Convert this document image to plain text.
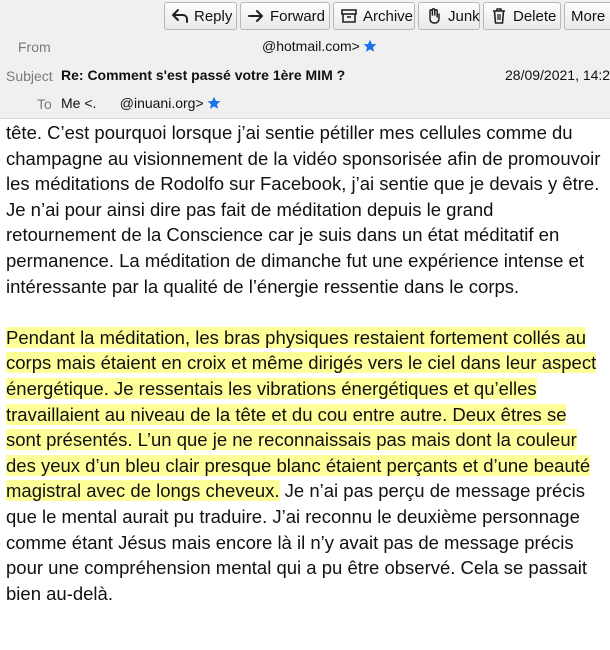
Reply	Forward	Archive Junk Delete More
From	@hotmail.com>
Subject Re: Comment s'est passé votre 1ère MIM ?	28/09/2021, 14:2
To Me <.      @inuani.org>

tête. C’est pourquoi lorsque j’ai sentie pétiller mes cellules comme du champagne au visionnement de la vidéo sponsorisée afin de promouvoir les méditations de Rodolfo sur Facebook, j’ai sentie que je devais y être. Je n’ai pour ainsi dire pas fait de méditation depuis le grand retournement de la Conscience car je suis dans un état méditatif en permanence. La méditation de dimanche fut une expérience intense et intéressante par la qualité de l’énergie ressentie dans le corps.

Pendant la méditation, les bras physiques restaient fortement collés au corps mais étaient en croix et même dirigés vers le ciel dans leur aspect énergétique. Je ressentais les vibrations énergétiques et qu’elles travaillaient au niveau de la tête et du cou entre autre. Deux êtres se sont présentés. L’un que je ne reconnaissais pas mais dont la couleur des yeux d’un bleu clair presque blanc étaient perçants et d’une beauté magistral avec de longs cheveux. Je n’ai pas perçu de message précis que le mental aurait pu traduire. J’ai reconnu le deuxième personnage comme étant Jésus mais encore là il n’y avait pas de message précis pour une compréhension mental qui a pu être observé. Cela se passait bien au-delà.
